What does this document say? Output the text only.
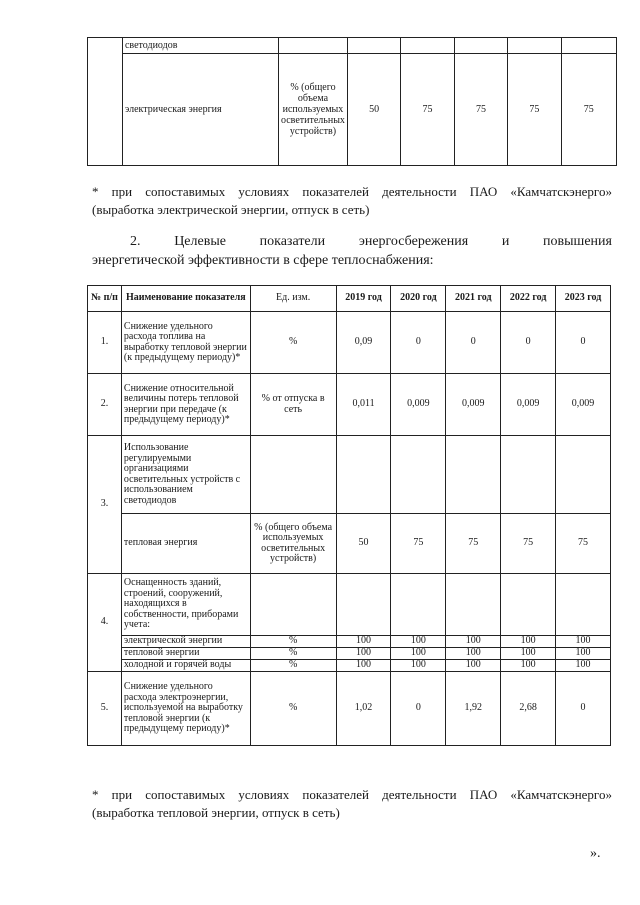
	светодиодов						
	электрическая энергия	% (общего объема используемых осветительных устройств)	50	75	75	75	75
* при сопоставимых условиях показателей деятельности ПАО «Камчатскэнерго»
(выработка электрической энергии, отпуск в сеть)
2. Целевые показатели энергосбережения и повышения
энергетической эффективности в сфере теплоснабжения:
№ п/п	Наименование показателя	Ед. изм.	2019 год	2020 год	2021 год	2022 год	2023 год
1.	Снижение удельного расхода топлива на выработку тепловой энергии (к предыдущему периоду)*	%	0,09	0	0	0	0
2.	Снижение относительной величины потерь тепловой энергии при передаче (к предыдущему периоду)*	% от отпуска в сеть	0,011	0,009	0,009	0,009	0,009
3.	Использование регулируемыми организациями осветительных устройств с использованием светодиодов						
	тепловая энергия	% (общего объема используемых осветительных устройств)	50	75	75	75	75
4.	Оснащенность зданий, строений, сооружений, находящихся в собственности, приборами учета:						
	электрической энергии	%	100	100	100	100	100
	тепловой энергии	%	100	100	100	100	100
	холодной и горячей воды	%	100	100	100	100	100
5.	Снижение удельного расхода электроэнергии, используемой на выработку тепловой энергии (к предыдущему периоду)*	%	1,02	0	1,92	2,68	0
* при сопоставимых условиях показателей деятельности ПАО «Камчатскэнерго»
(выработка тепловой энергии, отпуск в сеть)
».
